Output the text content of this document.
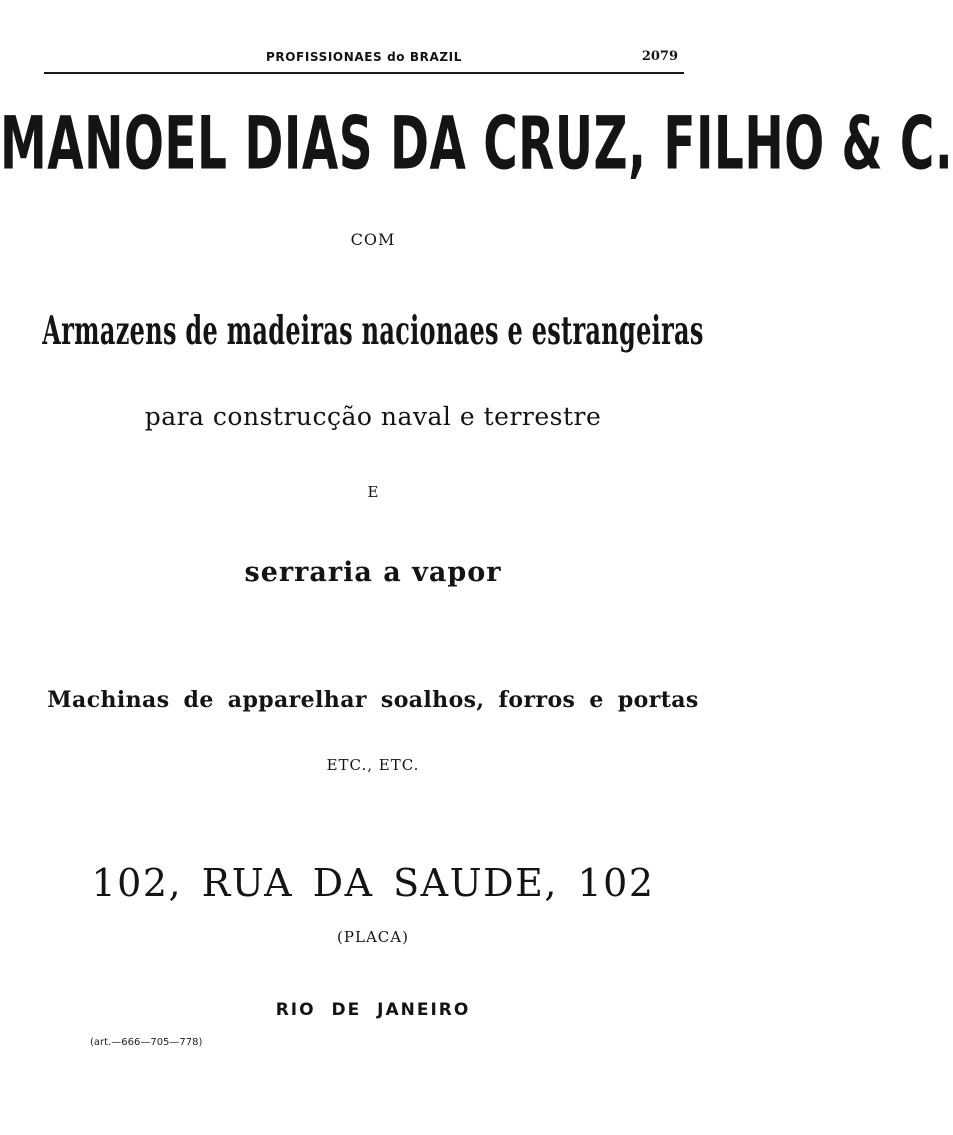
PROFISSIONAES do BRAZIL	2079
MANOEL DIAS DA CRUZ, FILHO & C.
COM
Armazens de madeiras nacionaes e estrangeiras
para construcção naval e terrestre
E
serraria a vapor
Machinas de apparelhar soalhos, forros e portas
ETC., ETC.
102, RUA DA SAUDE, 102
(PLACA)
RIO DE JANEIRO
(art.—666—705—778)
